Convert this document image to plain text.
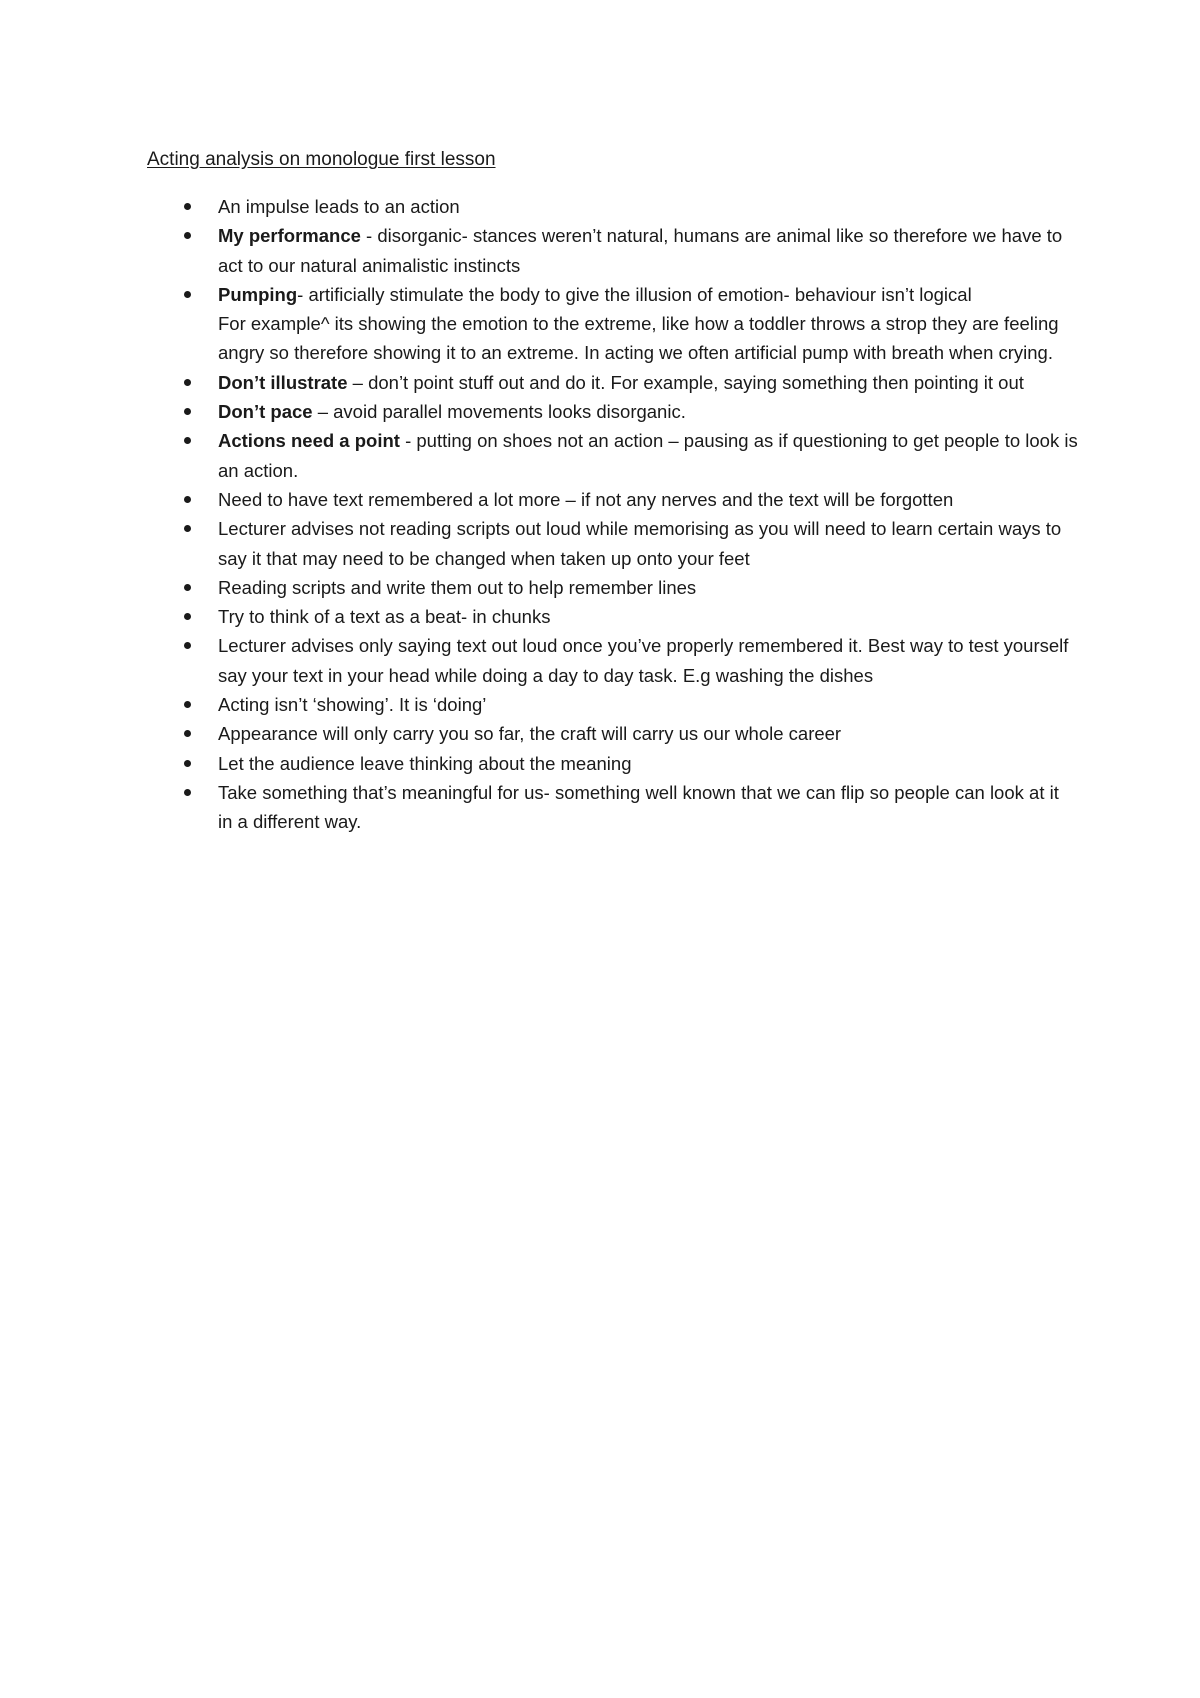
Acting analysis on monologue first lesson
An impulse leads to an action
My performance - disorganic- stances weren’t natural, humans are animal like so therefore we have to act to our natural animalistic instincts
Pumping- artificially stimulate the body to give the illusion of emotion- behaviour isn’t logical
For example^ its showing the emotion to the extreme, like how a toddler throws a strop they are feeling angry so therefore showing it to an extreme. In acting we often artificial pump with breath when crying.
Don’t illustrate – don’t point stuff out and do it. For example, saying something then pointing it out
Don’t pace – avoid parallel movements looks disorganic.
Actions need a point - putting on shoes not an action – pausing as if questioning to get people to look is an action.
Need to have text remembered a lot more – if not any nerves and the text will be forgotten
Lecturer advises not reading scripts out loud while memorising as you will need to learn certain ways to say it that may need to be changed when taken up onto your feet
Reading scripts and write them out to help remember lines
Try to think of a text as a beat- in chunks
Lecturer advises only saying text out loud once you’ve properly remembered it. Best way to test yourself say your text in your head while doing a day to day task. E.g washing the dishes
Acting isn’t ‘showing’. It is ‘doing’
Appearance will only carry you so far, the craft will carry us our whole career
Let the audience leave thinking about the meaning
Take something that’s meaningful for us- something well known that we can flip so people can look at it in a different way.
